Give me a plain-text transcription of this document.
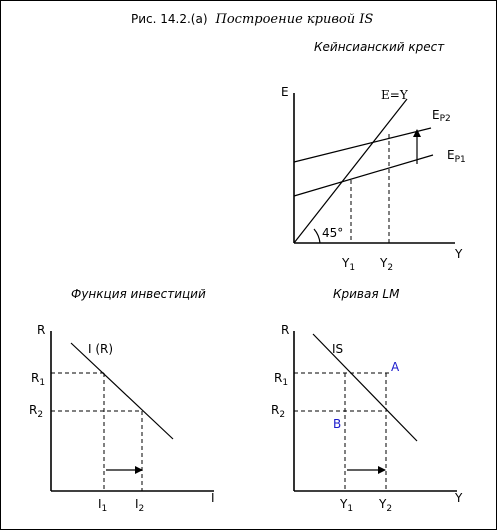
Рис. 14.2.(а) Построение кривой IS
Кейнсианский крест
E
Y
E=Y
EP2
EP1
45°
Y1 Y2
Функция инвестиций
R
I
I (R)
R1
R2
I1 I2
Кривая LM
R
Y
IS
A
B
R1
R2
Y1 Y2
